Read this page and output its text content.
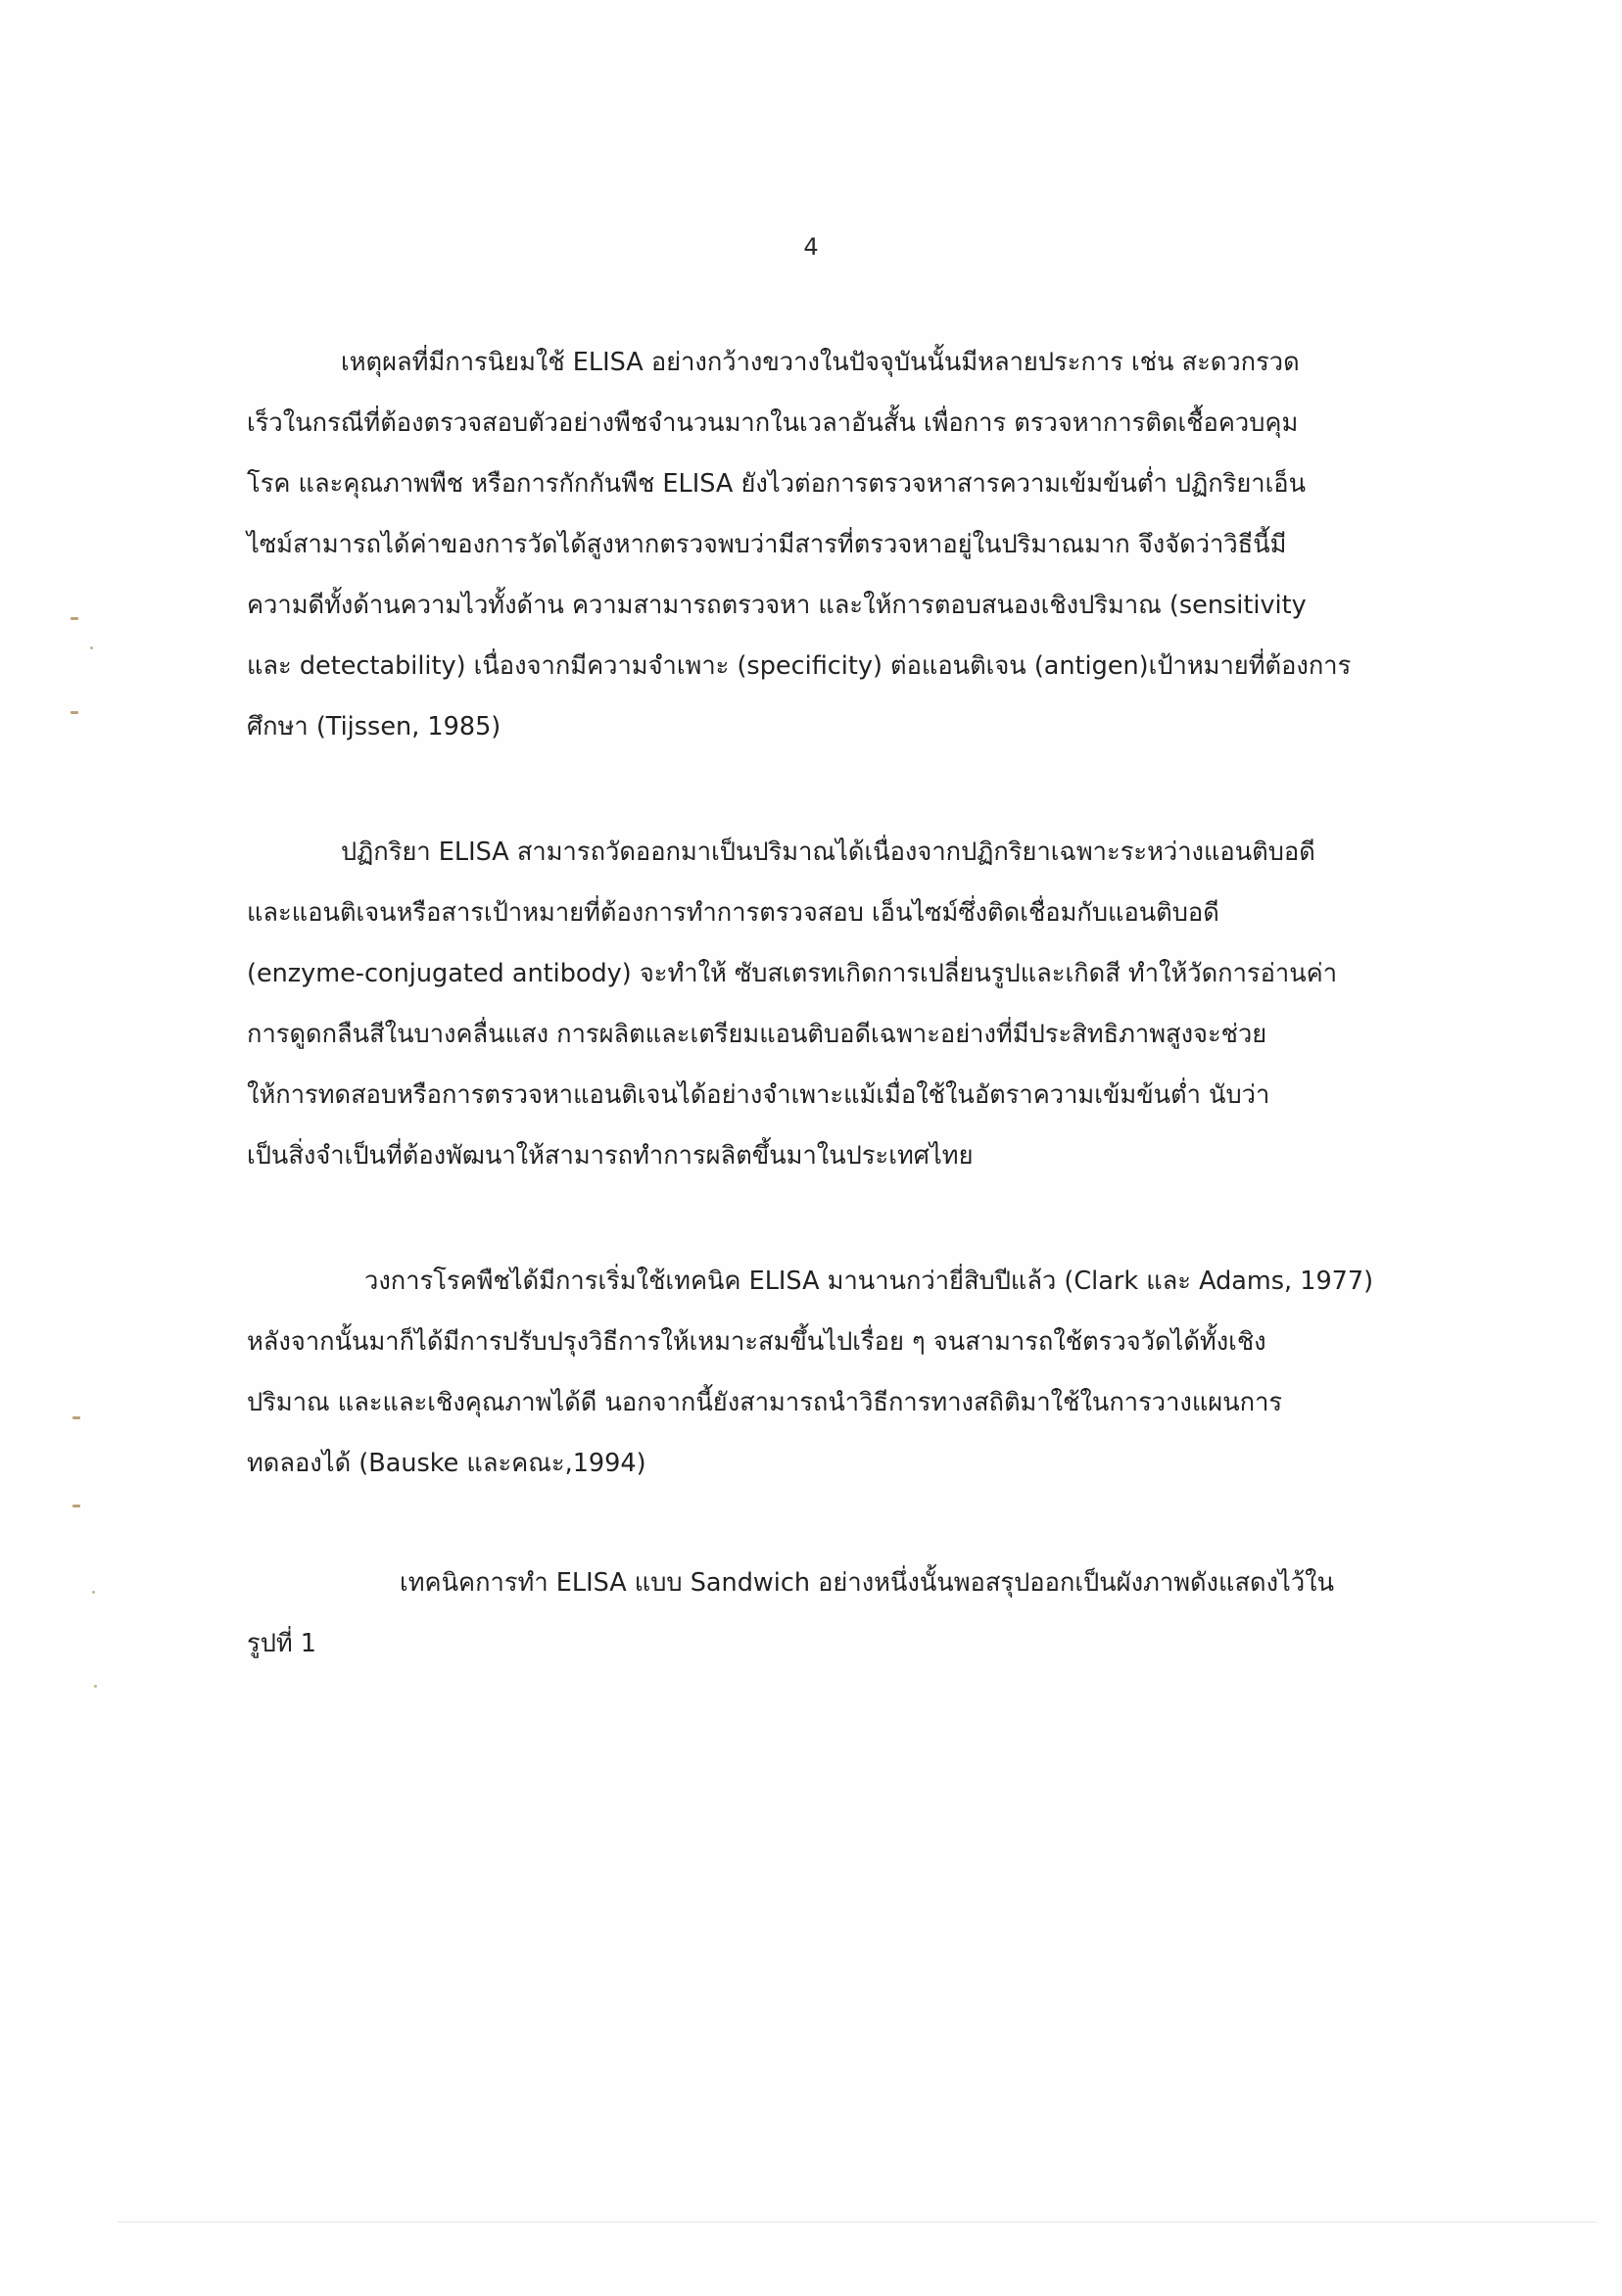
4
เหตุผลที่มีการนิยมใช้ ELISA อย่างกว้างขวางในปัจจุบันนั้นมีหลายประการ เช่น สะดวกรวด
เร็วในกรณีที่ต้องตรวจสอบตัวอย่างพืชจำนวนมากในเวลาอันสั้น เพื่อการ ตรวจหาการติดเชื้อควบคุม
โรค และคุณภาพพืช หรือการกักกันพืช ELISA ยังไวต่อการตรวจหาสารความเข้มข้นต่ำ ปฏิกริยาเอ็น
ไซม์สามารถได้ค่าของการวัดได้สูงหากตรวจพบว่ามีสารที่ตรวจหาอยู่ในปริมาณมาก จึงจัดว่าวิธีนี้มี
ความดีทั้งด้านความไวทั้งด้าน ความสามารถตรวจหา และให้การตอบสนองเชิงปริมาณ (sensitivity
และ detectability) เนื่องจากมีความจำเพาะ (specificity) ต่อแอนติเจน (antigen)เป้าหมายที่ต้องการ
ศึกษา (Tijssen, 1985)
ปฏิกริยา ELISA สามารถวัดออกมาเป็นปริมาณได้เนื่องจากปฏิกริยาเฉพาะระหว่างแอนติบอดี
และแอนติเจนหรือสารเป้าหมายที่ต้องการทำการตรวจสอบ เอ็นไซม์ซึ่งติดเชื่อมกับแอนติบอดี
(enzyme-conjugated antibody) จะทำให้ ซับสเตรทเกิดการเปลี่ยนรูปและเกิดสี ทำให้วัดการอ่านค่า
การดูดกลืนสีในบางคลื่นแสง การผลิตและเตรียมแอนติบอดีเฉพาะอย่างที่มีประสิทธิภาพสูงจะช่วย
ให้การทดสอบหรือการตรวจหาแอนติเจนได้อย่างจำเพาะแม้เมื่อใช้ในอัตราความเข้มข้นต่ำ นับว่า
เป็นสิ่งจำเป็นที่ต้องพัฒนาให้สามารถทำการผลิตขึ้นมาในประเทศไทย
วงการโรคพืชได้มีการเริ่มใช้เทคนิค ELISA มานานกว่ายี่สิบปีแล้ว (Clark และ Adams, 1977)
หลังจากนั้นมาก็ได้มีการปรับปรุงวิธีการให้เหมาะสมขึ้นไปเรื่อย ๆ จนสามารถใช้ตรวจวัดได้ทั้งเชิง
ปริมาณ และและเชิงคุณภาพได้ดี นอกจากนี้ยังสามารถนำวิธีการทางสถิติมาใช้ในการวางแผนการ
ทดลองได้ (Bauske และคณะ,1994)
เทคนิคการทำ ELISA แบบ Sandwich อย่างหนึ่งนั้นพอสรุปออกเป็นผังภาพดังแสดงไว้ใน
รูปที่ 1
